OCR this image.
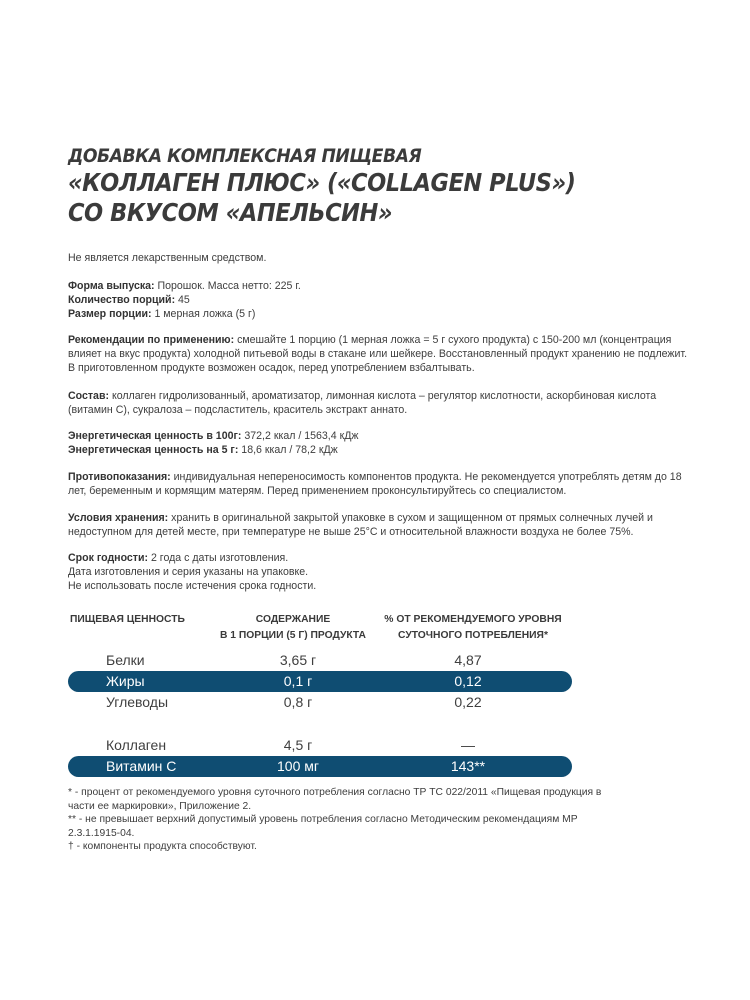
ДОБАВКА КОМПЛЕКСНАЯ ПИЩЕВАЯ
«КОЛЛАГЕН ПЛЮС» («COLLAGEN PLUS»)
СО ВКУСОМ «АПЕЛЬСИН»

Не является лекарственным средством.

Форма выпуска: Порошок. Масса нетто: 225 г.

Количество порций: 45

Размер порции: 1 мерная ложка (5 г)

Рекомендации по применению: смешайте 1 порцию (1 мерная ложка = 5 г сухого продукта) с 150-200 мл (концентрация влияет на вкус продукта) холодной питьевой воды в стакане или шейкере. Восстановленный продукт хранению не подлежит. В приготовленном продукте возможен осадок, перед употреблением взбалтывать.

Состав: коллаген гидролизованный, ароматизатор, лимонная кислота – регулятор кислотности, аскорбиновая кислота (витамин С), сукралоза – подсластитель, краситель экстракт аннато.

Энергетическая ценность в 100г: 372,2 ккал / 1563,4 кДж

Энергетическая ценность на 5 г: 18,6 ккал / 78,2 кДж

Противопоказания: индивидуальная непереносимость компонентов продукта. Не рекомендуется употреблять детям до 18 лет, беременным и кормящим матерям. Перед применением проконсультируйтесь со специалистом.

Условия хранения: хранить в оригинальной закрытой упаковке в сухом и защищенном от прямых солнечных лучей и недоступном для детей месте, при температуре не выше 25°С и относительной влажности воздуха не более 75%.

Срок годности: 2 года с даты изготовления.

Дата изготовления и серия указаны на упаковке.

Не использовать после истечения срока годности.

ПИЩЕВАЯ ЦЕННОСТЬ	СОДЕРЖАНИЕ
В 1 ПОРЦИИ (5 Г) ПРОДУКТА
% ОТ РЕКОМЕНДУЕМОГО УРОВНЯ
СУТОЧНОГО ПОТРЕБЛЕНИЯ*
Белки	3,65 г	4,87
Жиры	0,1 г	0,12
Углеводы	0,8 г	0,22
Коллаген	4,5 г	—
Витамин С	100 мг	143**
* - процент от рекомендуемого уровня суточного потребления согласно ТР ТС 022/2011 «Пищевая продукция в части ее маркировки», Приложение 2.
** - не превышает верхний допустимый уровень потребления согласно Методическим рекомендациям МР 2.3.1.1915-04.
† - компоненты продукта способствуют.
